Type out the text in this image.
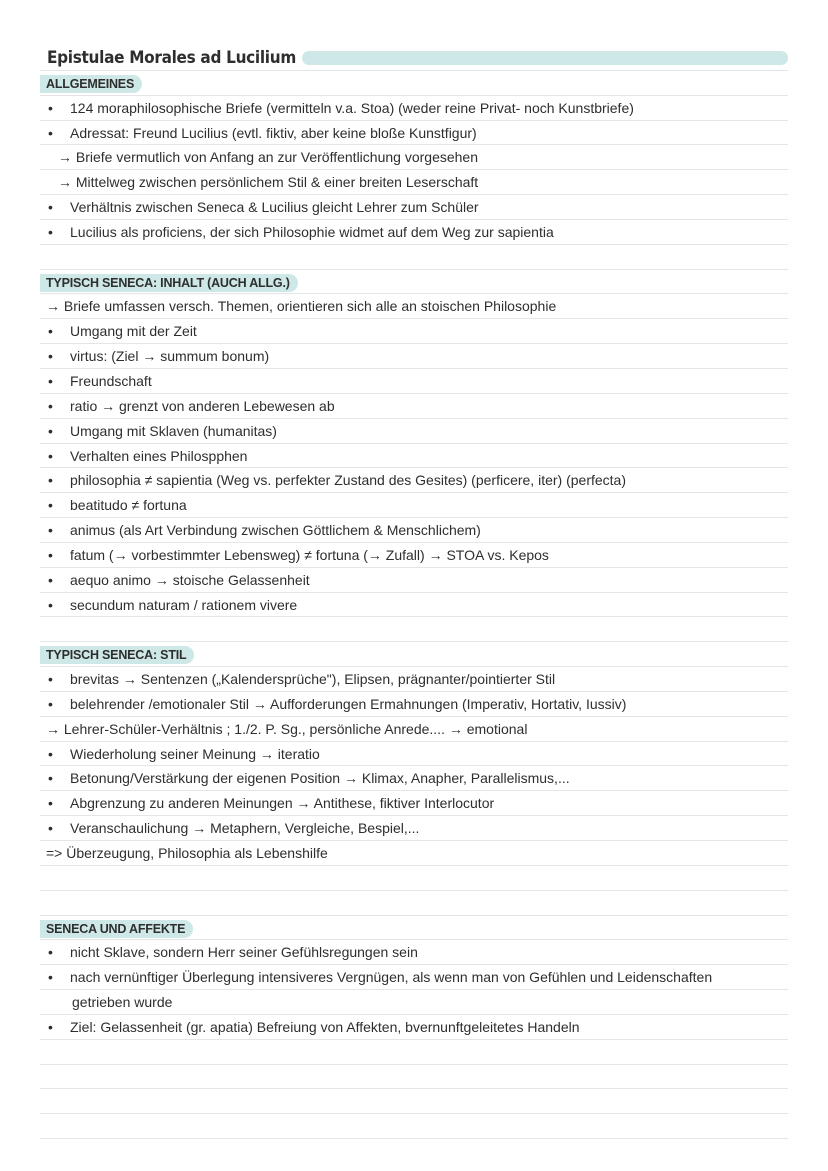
Epistulae Morales ad Lucilium
ALLGEMEINES
• 124 moraphilosophische Briefe (vermitteln v.a. Stoa) (weder reine Privat- noch Kunstbriefe)
• Adressat: Freund Lucilius (evtl. fiktiv, aber keine bloße Kunstfigur)
→ Briefe vermutlich von Anfang an zur Veröffentlichung vorgesehen
→ Mittelweg zwischen persönlichem Stil & einer breiten Leserschaft
• Verhältnis zwischen Seneca & Lucilius gleicht Lehrer zum Schüler
• Lucilius als proficiens, der sich Philosophie widmet auf dem Weg zur sapientia
TYPISCH SENECA: INHALT (AUCH ALLG.)
→ Briefe umfassen versch. Themen, orientieren sich alle an stoischen Philosophie
• Umgang mit der Zeit
• virtus: (Ziel → summum bonum)
• Freundschaft
• ratio → grenzt von anderen Lebewesen ab
• Umgang mit Sklaven (humanitas)
• Verhalten eines Philospphen
• philosophia ≠ sapientia (Weg vs. perfekter Zustand des Gesites) (perficere, iter) (perfecta)
• beatitudo ≠ fortuna
• animus (als Art Verbindung zwischen Göttlichem & Menschlichem)
• fatum (→ vorbestimmter Lebensweg) ≠ fortuna (→ Zufall) → STOA vs. Kepos
• aequo animo → stoische Gelassenheit
• secundum naturam / rationem vivere
TYPISCH SENECA: STIL
• brevitas → Sentenzen („Kalendersprüche"), Elipsen, prägnanter/pointierter Stil
• belehrender /emotionaler Stil → Aufforderungen Ermahnungen (Imperativ, Hortativ, Iussiv)
→ Lehrer-Schüler-Verhältnis ; 1./2. P. Sg., persönliche Anrede.... → emotional
• Wiederholung seiner Meinung → iteratio
• Betonung/Verstärkung der eigenen Position → Klimax, Anapher, Parallelismus,...
• Abgrenzung zu anderen Meinungen → Antithese, fiktiver Interlocutor
• Veranschaulichung → Metaphern, Vergleiche, Bespiel,...
=> Überzeugung, Philosophia als Lebenshilfe
SENECA UND AFFEKTE
• nicht Sklave, sondern Herr seiner Gefühlsregungen sein
• nach vernünftiger Überlegung intensiveres Vergnügen, als wenn man von Gefühlen und Leidenschaften
getrieben wurde
• Ziel: Gelassenheit (gr. apatia) Befreiung von Affekten, bvernunftgeleitetes Handeln
